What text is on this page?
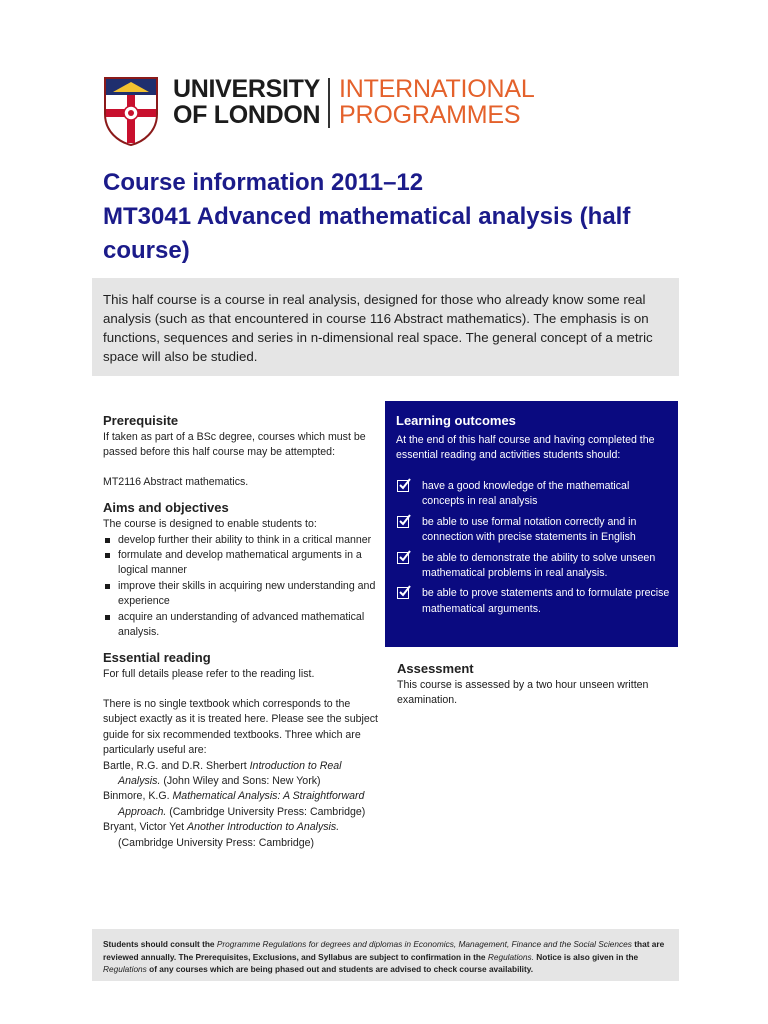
UNIVERSITY
OF LONDON
INTERNATIONAL
PROGRAMMES
Course information 2011–12
MT3041 Advanced mathematical analysis (half course)

This half course is a course in real analysis, designed for those who already know some real analysis (such as that encountered in course 116 Abstract mathematics). The emphasis is on functions, sequences and series in n-dimensional real space. The general concept of a metric space will also be studied.

Prerequisite

If taken as part of a BSc degree, courses which must be passed before this half course may be attempted:

MT2116 Abstract mathematics.

Aims and objectives

The course is designed to enable students to:

develop further their ability to think in a critical manner
formulate and develop mathematical arguments in a logical manner
improve their skills in acquiring new understanding and experience
acquire an understanding of advanced mathematical analysis.
Essential reading

For full details please refer to the reading list.

There is no single textbook which corresponds to the subject exactly as it is treated here. Please see the subject guide for six recommended textbooks. Three which are particularly useful are:

Bartle, R.G. and D.R. Sherbert Introduction to Real Analysis. (John Wiley and Sons: New York)

Binmore, K.G. Mathematical Analysis: A Straightforward Approach. (Cambridge University Press: Cambridge)

Bryant, Victor Yet Another Introduction to Analysis. (Cambridge University Press: Cambridge)

Learning outcomes
At the end of this half course and having completed the essential reading and activities students should:
have a good knowledge of the mathematical concepts in real analysis
be able to use formal notation correctly and in connection with precise statements in English
be able to demonstrate the ability to solve unseen mathematical problems in real analysis.
be able to prove statements and to formulate precise mathematical arguments.
Assessment

This course is assessed by a two hour unseen written examination.

Students should consult the Programme Regulations for degrees and diplomas in Economics, Management, Finance and the Social Sciences that are reviewed annually. The Prerequisites, Exclusions, and Syllabus are subject to confirmation in the Regulations. Notice is also given in the Regulations of any courses which are being phased out and students are advised to check course availability.
